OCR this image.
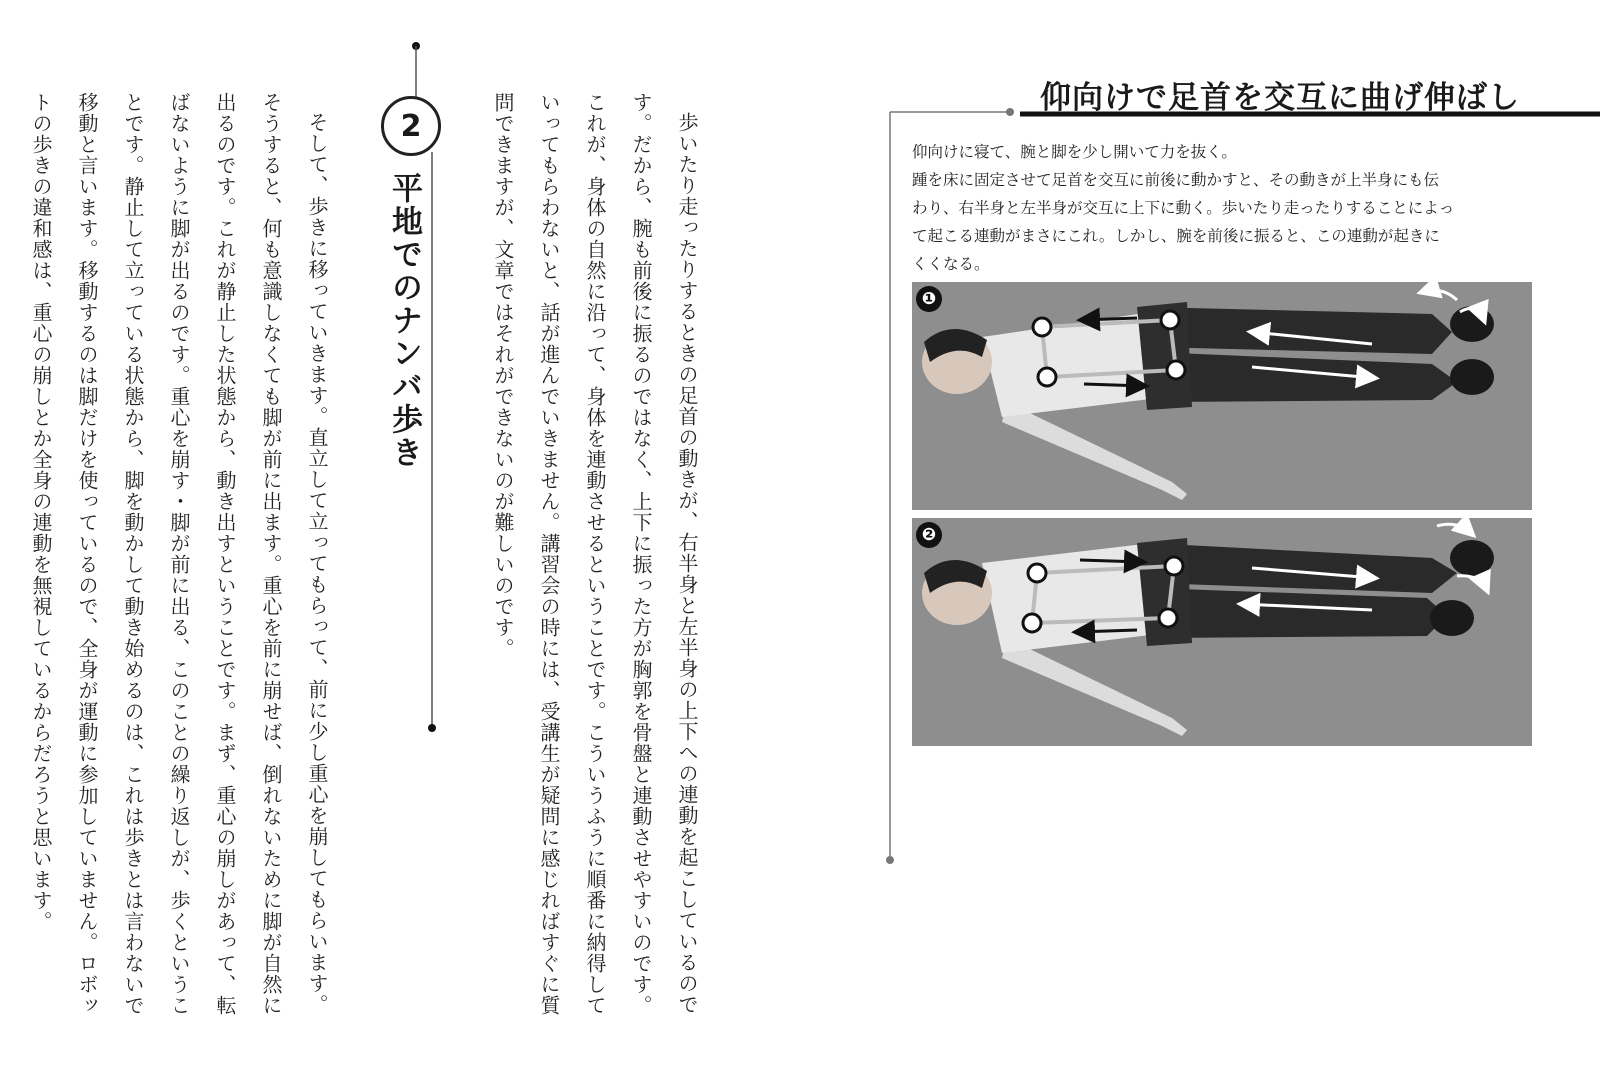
歩いたり走ったりするときの足首の動きが、右半身と左半身の上下への連動を起こしているのです。だから、腕も前後に振るのではなく、上下に振った方が胸郭を骨盤と連動させやすいのです。これが、身体の自然に沿って、身体を連動させるということです。こういうふうに順番に納得していってもらわないと、話が進んでいきません。講習会の時には、受講生が疑問に感じればすぐに質問できますが、文章ではそれができないのが難しいのです。

2
平地でのナンバ歩き

そして、歩きに移っていきます。直立して立ってもらって、前に少し重心を崩してもらいます。そうすると、何も意識しなくても脚が前に出ます。重心を前に崩せば、倒れないために脚が自然に出るのです。これが静止した状態から、動き出すということです。まず、重心の崩しがあって、転ばないように脚が出るのです。重心を崩す・脚が前に出る、このことの繰り返しが、歩くということです。静止して立っている状態から、脚を動かして動き始めるのは、これは歩きとは言わないで移動と言います。移動するのは脚だけを使っているので、全身が運動に参加していません。ロボットの歩きの違和感は、重心の崩しとか全身の連動を無視しているからだろうと思います。	仰向けで足首を交互に曲げ伸ばし

仰向けに寝て、腕と脚を少し開いて力を抜く。

踵を床に固定させて足首を交互に前後に動かすと、その動きが上半身にも伝

わり、右半身と左半身が交互に上下に動く。歩いたり走ったりすることによっ

て起こる連動がまさにこれ。しかし、腕を前後に振ると、この連動が起きに

くくなる。

❶
❷
